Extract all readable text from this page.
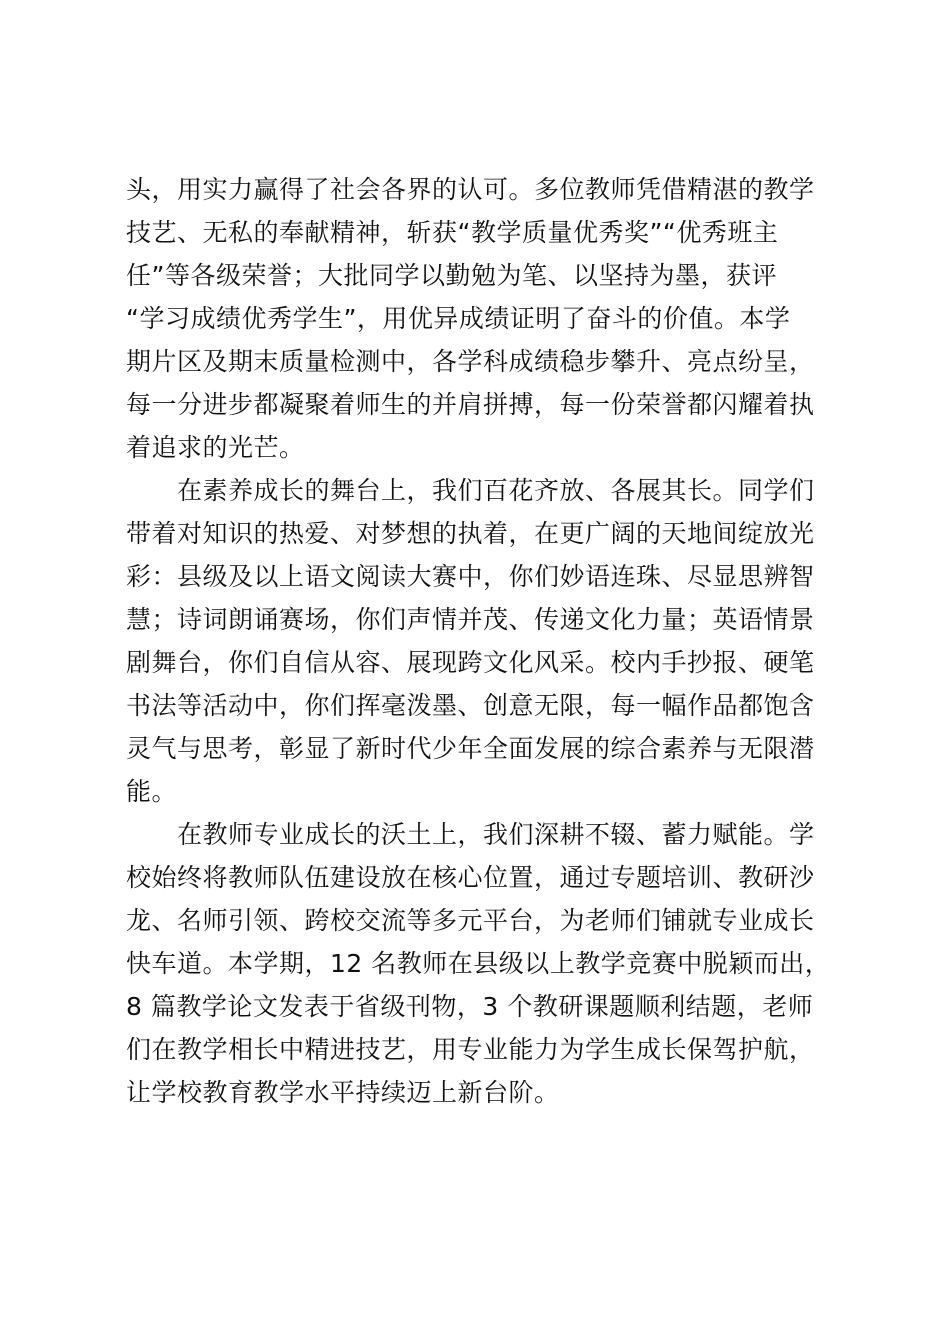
头，用实力赢得了社会各界的认可。多位教师凭借精湛的教学

技艺、无私的奉献精神，斩获“教学质量优秀奖”“优秀班主

任”等各级荣誉；大批同学以勤勉为笔、以坚持为墨，获评

“学习成绩优秀学生”，用优异成绩证明了奋斗的价值。本学

期片区及期末质量检测中，各学科成绩稳步攀升、亮点纷呈，

每一分进步都凝聚着师生的并肩拼搏，每一份荣誉都闪耀着执

着追求的光芒。

　　在素养成长的舞台上，我们百花齐放、各展其长。同学们

带着对知识的热爱、对梦想的执着，在更广阔的天地间绽放光

彩：县级及以上语文阅读大赛中，你们妙语连珠、尽显思辨智

慧；诗词朗诵赛场，你们声情并茂、传递文化力量；英语情景

剧舞台，你们自信从容、展现跨文化风采。校内手抄报、硬笔

书法等活动中，你们挥毫泼墨、创意无限，每一幅作品都饱含

灵气与思考，彰显了新时代少年全面发展的综合素养与无限潜

能。

　　在教师专业成长的沃土上，我们深耕不辍、蓄力赋能。学

校始终将教师队伍建设放在核心位置，通过专题培训、教研沙

龙、名师引领、跨校交流等多元平台，为老师们铺就专业成长

快车道。本学期，12 名教师在县级以上教学竞赛中脱颖而出，

8 篇教学论文发表于省级刊物，3 个教研课题顺利结题，老师

们在教学相长中精进技艺，用专业能力为学生成长保驾护航，

让学校教育教学水平持续迈上新台阶。
